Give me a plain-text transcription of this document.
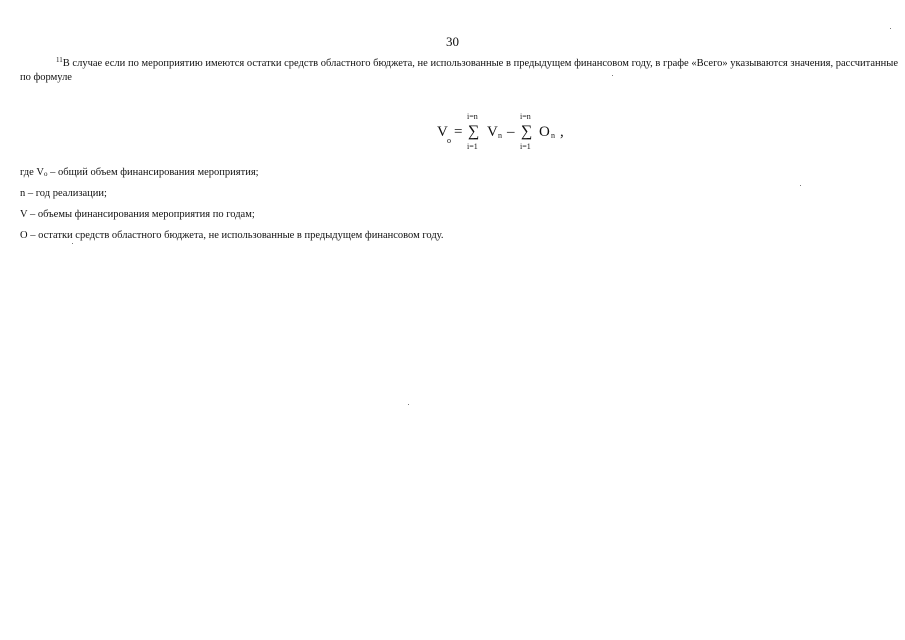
30

$^{11}$В случае если по мероприятию имеются остатки средств областного бюджета, не использованные в предыдущем финансовом году, в графе «Всего» указываются значения, рассчитанные по формуле

V
o
=
i=n
∑
i=1
V n –
i=n
∑
i=1
O n ,
где $V_o$ – общий объем финансирования мероприятия;
n – год реализации;
V – объемы финансирования мероприятия по годам;
O – остатки средств областного бюджета, не использованные в предыдущем финансовом году.
